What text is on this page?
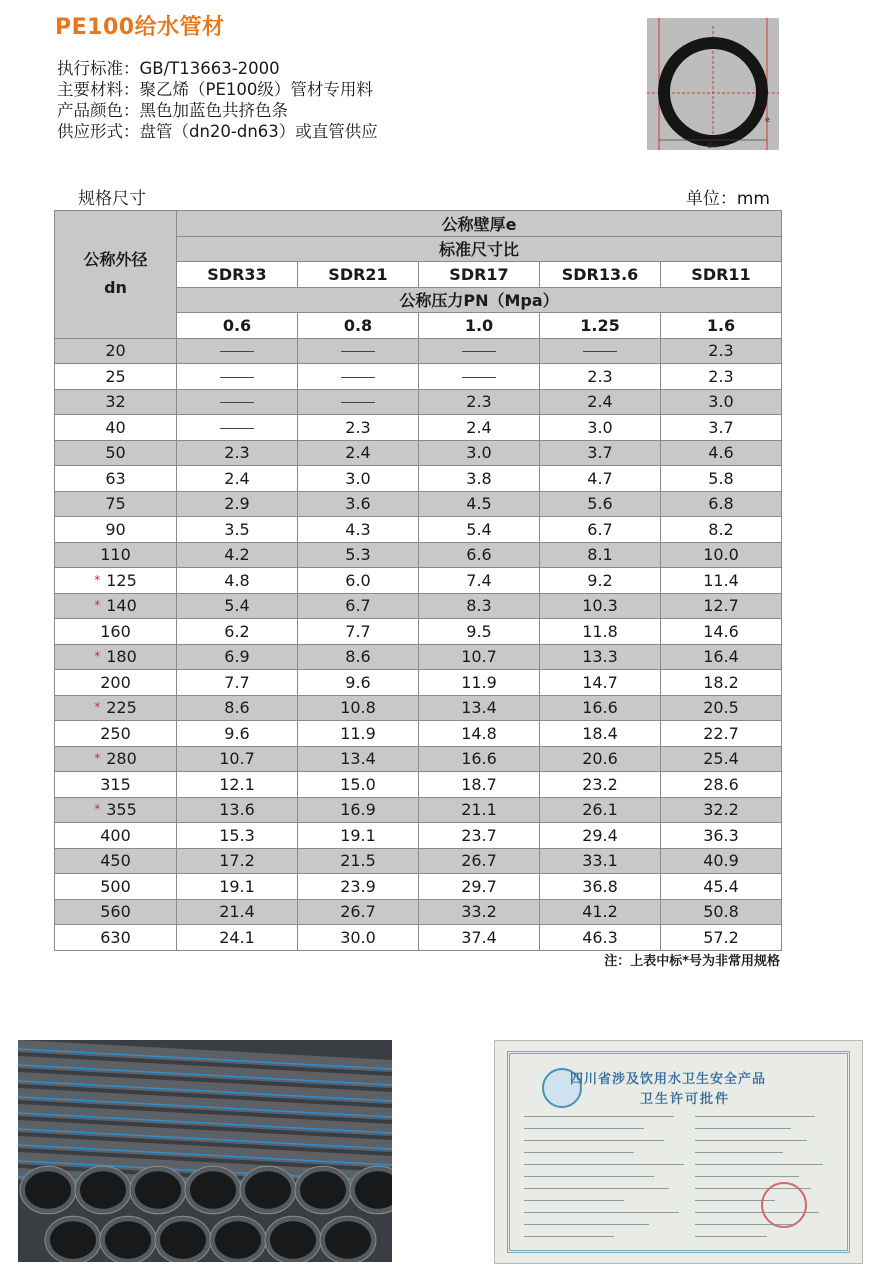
PE100给水管材
执行标准：GB/T13663-2000
主要材料：聚乙烯（PE100级）管材专用料
产品颜色：黑色加蓝色共挤色条
供应形式：盘管（dn20-dn63）或直管供应
dn
e
规格尺寸	单位：mm
公称外径
dn	公称壁厚e				
	标准尺寸比				
	SDR33	SDR21	SDR17	SDR13.6	SDR11
	公称压力PN（Mpa）				
	0.6	0.8	1.0	1.25	1.6
20					2.3
25				2.3	2.3
32			2.3	2.4	3.0
40		2.3	2.4	3.0	3.7
50	2.3	2.4	3.0	3.7	4.6
63	2.4	3.0	3.8	4.7	5.8
75	2.9	3.6	4.5	5.6	6.8
90	3.5	4.3	5.4	6.7	8.2
110	4.2	5.3	6.6	8.1	10.0
* 125	4.8	6.0	7.4	9.2	11.4
* 140	5.4	6.7	8.3	10.3	12.7
160	6.2	7.7	9.5	11.8	14.6
* 180	6.9	8.6	10.7	13.3	16.4
200	7.7	9.6	11.9	14.7	18.2
* 225	8.6	10.8	13.4	16.6	20.5
250	9.6	11.9	14.8	18.4	22.7
* 280	10.7	13.4	16.6	20.6	25.4
315	12.1	15.0	18.7	23.2	28.6
* 355	13.6	16.9	21.1	26.1	32.2
400	15.3	19.1	23.7	29.4	36.3
450	17.2	21.5	26.7	33.1	40.9
500	19.1	23.9	29.7	36.8	45.4
560	21.4	26.7	33.2	41.2	50.8
630	24.1	30.0	37.4	46.3	57.2
注：上表中标*号为非常用规格
四川省涉及饮用水卫生安全产品
卫生许可批件
